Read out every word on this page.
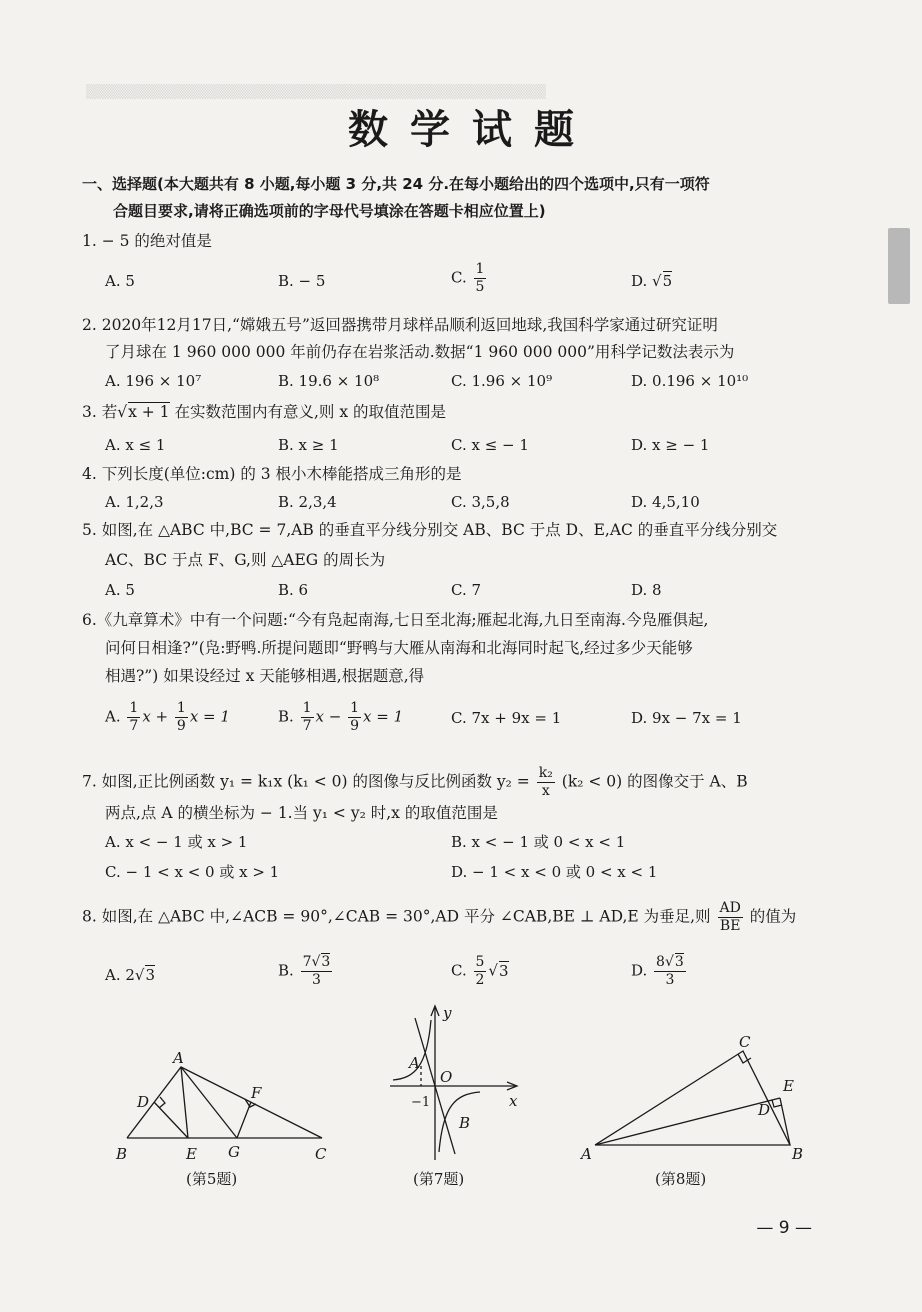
▒▒▒▒▒▒▒▒▒▒▒▒▒▒▒▒▒▒▒▒▒▒▒▒▒▒▒▒▒▒▒▒▒▒▒▒▒▒▒▒▒▒▒▒▒▒
数学试题
一、选择题(本大题共有 8 小题,每小题 3 分,共 24 分.在每小题给出的四个选项中,只有一项符
合题目要求,请将正确选项前的字母代号填涂在答题卡相应位置上)
1. − 5 的绝对值是
A. 5	B. − 5	C. $\frac{1}{5}$	D. √5
2. 2020年12月17日,“嫦娥五号”返回器携带月球样品顺利返回地球,我国科学家通过研究证明
了月球在 1 960 000 000 年前仍存在岩浆活动.数据“1 960 000 000”用科学记数法表示为
A. 196 × 10⁷	B. 19.6 × 10⁸	C. 1.96 × 10⁹	D. 0.196 × 10¹⁰
3. 若√x + 1 在实数范围内有意义,则 x 的取值范围是
A. x ≤ 1	B. x ≥ 1	C. x ≤ − 1	D. x ≥ − 1
4. 下列长度(单位:cm) 的 3 根小木棒能搭成三角形的是
A. 1,2,3	B. 2,3,4	C. 3,5,8	D. 4,5,10
5. 如图,在 △ABC 中,BC = 7,AB 的垂直平分线分别交 AB、BC 于点 D、E,AC 的垂直平分线分别交
AC、BC 于点 F、G,则 △AEG 的周长为
A. 5	B. 6	C. 7	D. 8
6.《九章算术》中有一个问题:“今有凫起南海,七日至北海;雁起北海,九日至南海.今凫雁俱起,
问何日相逢?”(凫:野鸭.所提问题即“野鸭与大雁从南海和北海同时起飞,经过多少天能够
相遇?”) 如果设经过 x 天能够相遇,根据题意,得
A. $\frac{1}{7}$ $x + \frac{1}{9}$ x = 1	B. $\frac{1}{7}$ $x - \frac{1}{9}$ x = 1	C. 7x + 9x = 1	D. 9x − 7x = 1
7. 如图,正比例函数 y₁ = k₁x (k₁ < 0) 的图像与反比例函数 $y_2 = \frac{\text{k₂}}{x} (k_2 < 0)$ 的图像交于 A、B
两点,点 A 的横坐标为 − 1.当 y₁ < y₂ 时,x 的取值范围是
A. x < − 1 或 x > 1	B. x < − 1 或 0 < x < 1
C. − 1 < x < 0 或 x > 1	D. − 1 < x < 0 或 0 < x < 1
8. 如图,在 △ABC 中,∠ACB = 90°,∠CAB = 30°,AD 平分 ∠CAB,BE ⊥ AD,E 为垂足,则 $\frac{AD}{BE}$ 的值为
A. 2√3	B. $\frac{7√3}{3}$	C. $\frac{5}{2} √3$	D. $\frac{8√3}{3}$
A
D	F
B	E G	C
(第5题)
y
A
O
−1	x
B
(第7题)
C
E
D
A	B
(第8题)
— 9 —
